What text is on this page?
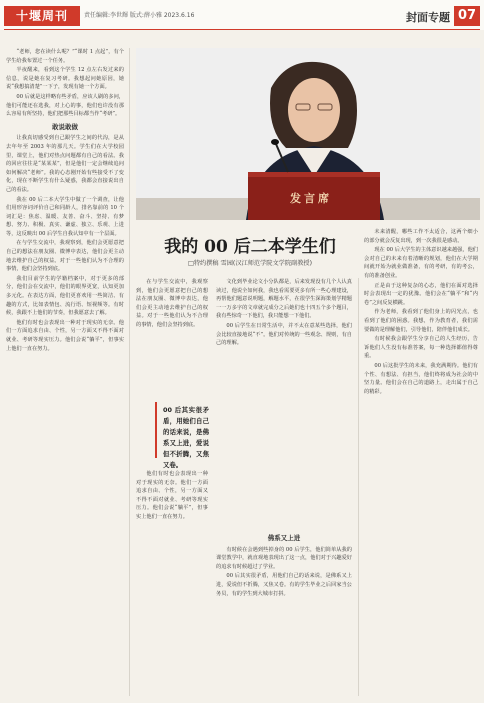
十堰周刊	责任编辑:李世輝 版式:薛小雅 2023.6.16	封面专题 07

“老师，您在读什么呢？”“课时 1 点起”，有个学生给我布置过一个任务。

半夜醒来，看到这个学生 12 点左右发过来的信息，说是她在复习考研。我想起问她原因，她说“我想搞清楚”一下子，发现有她一个方面。

00 后就是这样略有些矛盾，应该人刷的多问，他们可能还在选我，对上心的事，他们也许没有那么容易有所坚持，他们把那些目标都当作“考研”。

敢说敢做

让我真切感受到自己跟学生之间的代沟，是从去年年至 2003 年的那几天。学生们在大学校园里，课堂上，他们对热点问题都有自己的看法。我的回应往往是“某某某”，但是他们一定会继续追问如何解决“老师”。我的心态刚开始有些接受不了变化，现在不断学生有什么疑惑，我都会直接说出自己的看法。

我在 00 后二本大学生中做了一个调查，让他们用形容词评价自己和同龄人，排名靠前的 10 个词汇是：焦虑、温暖、友善、奋斗、坚持、有梦想、努力、积极、真实、谦虚、独立、乐观、上进等，这反映出 00 后学生自我认知中有一个层面。

在与学生交流中，我观察到，他们会更愿意把自己的想法在朋友圈、微博中表达，他们会更主动地去维护自己的权益。对于一些他们认为不合理的事情，他们会坚持到底。

我们目前学生的学籍档案中，对于更多的部分，他们会在交流中，他们的眼界更宽，认知更加多元化。在表达方面，他们更喜欢用一些简洁、有趣的方式，比如表情包、流行语、短视频等。有时候，我跟不上他们的节奏，但我愿意去了解。

他们有时也会表现出一种对于现实的无奈。他们一方面追求自由、个性，另一方面又不得不面对就业、考研等现实压力。他们会说“躺平”，但事实上他们一直在努力。

发言席
我的 00 后二本学生们
□特约撰稿 雪园(汉江师范学院文学院副教授)

文化到毕业论文小分队都是，后来发现没有几个人认真读过，他说全如何我，我也看需要更多有所一些心理建设，再帮他们题意说明题，解题水平，在很学生深海策划学精题一一万多字的文章就完成分之后她们也十四五个多个题目，我有些惊奇一下他们，我只能想一下他们。

00 后学生在日常生活中，并不太在意某些选择，他们会比较直接地说“不”。他们对传统的一些观念、规则，有自己的理解。

佛系又上进

有时候在会遇到些掉身的 00 后学生，他们简单从我的课堂教学中，就直观地表现出了这一点，他们对于兴趣爱好的追求有时候超过了学业。

00 后其实很矛盾，用他们自己的话来说，是佛系又上进，爱说但不折腾，又焦又卷。有的学生毕业之后回家当公务员，有的学生到大城市打拼。

00 后其实很矛盾，用她们自己的话来说，是佛系又上进，爱说但不折腾，又焦又卷。

在与学生交流中，我观察到，他们会更愿意把自己的想法在朋友圈、微博中表达，他们会更主动地去维护自己的权益。对于一些他们认为不合理的事情，他们会坚持到底。

他们有时也会表现出一种对于现实的无奈。他们一方面追求自由、个性，另一方面又不得不面对就业、考研等现实压力。他们会说“躺平”，但事实上他们一直在努力。

未来清醒，哪些工作不太适合，这两个细小的部分就会反复出现，到一次我很是感动。

现在 00 后大学生的主体意识越来越强，他们会对自己的未来有着清晰的规划，他们在大学期间就开始为就业做准备，有的考研，有的考公，有的准备创业。

正是由于这种复杂的心态，他们在面对选择时会表现出一定的犹豫。他们会在“躺平”和“内卷”之间反复横跳。

作为老师，我看到了他们身上的闪光点，也看到了他们的困惑。我想，作为教育者，我们需要做的是理解他们，引导他们，陪伴他们成长。

有时候我会跟学生分享自己的人生经历，告诉他们人生没有标准答案，每一种选择都值得尊重。

00 后这批学生的未来，我充满期待。他们有个性、有想法、有担当，他们终将成为社会的中坚力量。他们会在自己的道路上，走出属于自己的精彩。
